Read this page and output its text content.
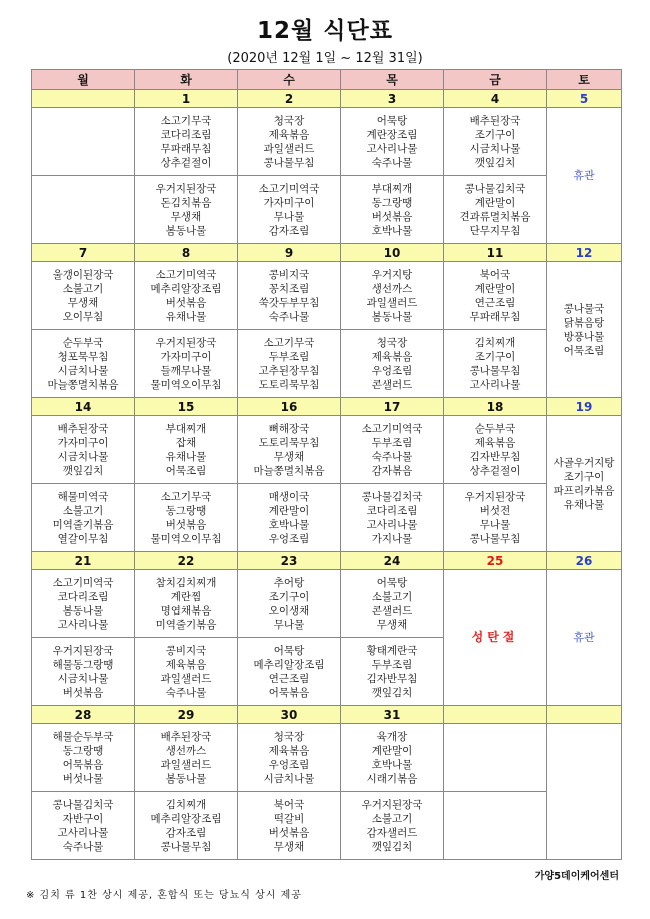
12월 식단표
(2020년 12월 1일 ~ 12월 31일)
월	화	수	목	금	토
	1	2	3	4	5

	소고기무국
코다리조림
무파래무침
상추겉절이	청국장
제육볶음
과일샐러드
콩나물무침	어묵탕
계란장조림
고사리나물
숙주나물	배추된장국
조기구이
시금치나물
깻잎김치	휴관

	우거지된장국
돈김치볶음
무생채
봄동나물	소고기미역국
가자미구이
무나물
감자조림	부대찌개
동그랑땡
버섯볶음
호박나물	콩나물김치국
계란말이
견과류멸치볶음
단무지무침	

7	8	9	10	11	12

울갱이된장국
소불고기
무생채
오이무침	소고기미역국
메추리알장조림
버섯볶음
유채나물	콩비지국
꽁치조림
쑥갓두부무침
숙주나물	우거지탕
생선까스
과일샐러드
봄동나물	북어국
계란말이
연근조림
무파래무침	콩나물국
닭볶음탕
방풍나물
어묵조림

순두부국
청포묵무침
시금치나물
마늘쫑멸치볶음	우거지된장국
가자미구이
들깨무나물
물미역오이무침	소고기무국
두부조림
고추된장무침
도토리묵무침	청국장
제육볶음
우엉조림
콘샐러드	김치찌개
조기구이
콩나물무침
고사리나물	

14	15	16	17	18	19

배추된장국
가자미구이
시금치나물
깻잎김치	부대찌개
잡채
유채나물
어묵조림	뼈해장국
도토리묵무침
무생채
마늘쫑멸치볶음	소고기미역국
두부조림
숙주나물
감자볶음	순두부국
제육볶음
김자반무침
상추겉절이	사골우거지탕
조기구이
파프리카볶음
유채나물

해물미역국
소불고기
미역줄기볶음
열갈이무침	소고기무국
동그랑땡
버섯볶음
물미역오이무침	매생이국
계란말이
호박나물
우엉조림	콩나물김치국
코다리조림
고사리나물
가지나물	우거지된장국
버섯전
무나물
콩나물무침	

21	22	23	24	25	26

소고기미역국
코다리조림
봄동나물
고사리나물	참치김치찌개
계란찜
명엽채볶음
미역줄기볶음	추어탕
조기구이
오이생채
무나물	어묵탕
소불고기
콘샐러드
무생채	성탄절	휴관

우거지된장국
해물동그랑땡
시금치나물
버섯볶음	콩비지국
제육볶음
과일샐러드
숙주나물	어묵탕
메추리알장조림
연근조림
어묵볶음	황태계란국
두부조림
김자반무침
깻잎김치		

28	29	30	31		

해물순두부국
동그랑땡
어묵볶음
버섯나물	배추된장국
생선까스
과일샐러드
봄동나물	청국장
제육볶음
우엉조림
시금치나물	육개장
계란말이
호박나물
시래기볶음		

콩나물김치국
자반구이
고사리나물
숙주나물	김치찌개
메추리알장조림
감자조림
콩나물무침	북어국
떡갈비
버섯볶음
무생채	우거지된장국
소불고기
감자샐러드
깻잎김치		

가양5데이케어센터
※ 김치 류 1찬 상시 제공, 혼합식 또는 당뇨식 상시 제공
